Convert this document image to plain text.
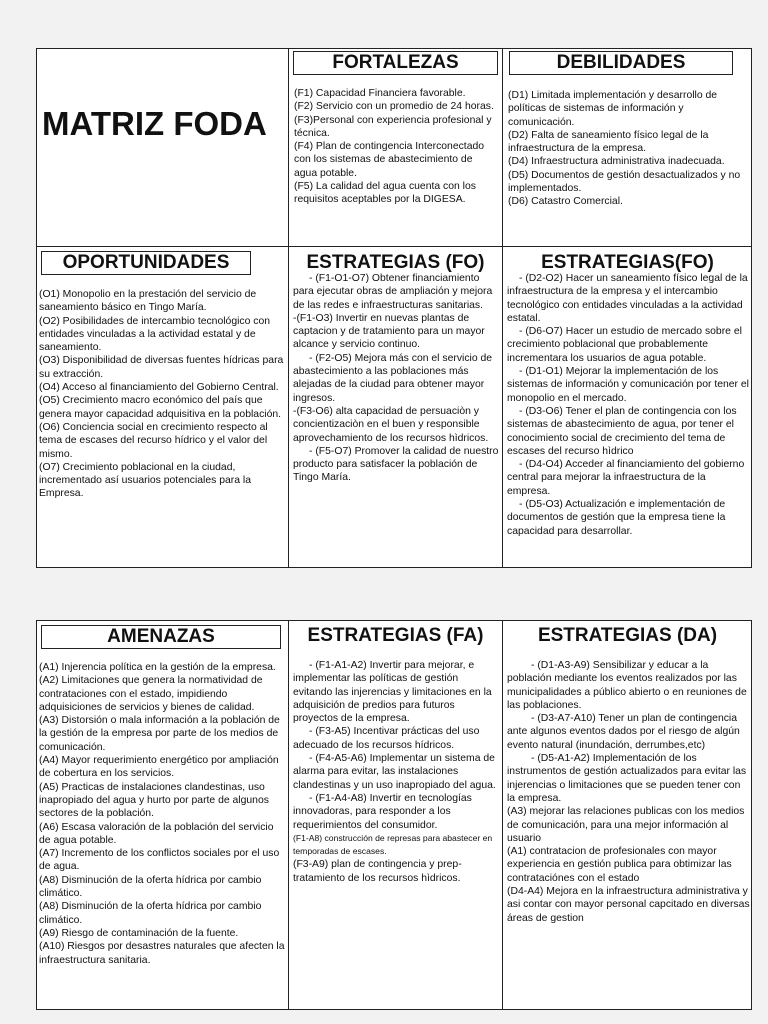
MATRIZ FODA
FORTALEZAS

(F1) Capacidad Financiera favorable.

(F2) Servicio con un promedio de 24 horas.

(F3)Personal con experiencia profesional y técnica.

(F4) Plan de contingencia Interconectado con los sistemas de abastecimiento de agua potable.

(F5) La calidad del agua cuenta con los requisitos aceptables por la DIGESA.

DEBILIDADES

(D1) Limitada implementación y desarrollo de políticas de sistemas de información y comunicación.

(D2) Falta de saneamiento físico legal de la infraestructura de la empresa.

(D4) Infraestructura administrativa inadecuada.

(D5) Documentos de gestión desactualizados y no implementados.

(D6) Catastro Comercial.

OPORTUNIDADES

(O1) Monopolio en la prestación del servicio de saneamiento básico en Tingo María.

(O2) Posibilidades de intercambio tecnológico con entidades vinculadas a la actividad estatal y de saneamiento.

(O3) Disponibilidad de diversas fuentes hídricas para su extracción.

(O4) Acceso al financiamiento del Gobierno Central.

(O5) Crecimiento macro económico del país que genera mayor capacidad adquisitiva en la población.

(O6) Conciencia social en crecimiento respecto al tema de escases del recurso hídrico y el valor del mismo.

(O7) Crecimiento poblacional en la ciudad, incrementado así usuarios potenciales para la Empresa.

ESTRATEGIAS (FO)

- (F1-O1-O7) Obtener financiamiento para ejecutar obras de ampliación y mejora de las redes e infraestructuras sanitarias.

-(F1-O3) Invertir en nuevas plantas de captacion y de tratamiento para un mayor alcance y servicio continuo.

- (F2-O5) Mejora más con el servicio de abastecimiento a las poblaciones más alejadas de la ciudad para obtener mayor ingresos.

-(F3-O6) alta capacidad de persuaciòn y concientizaciòn en el buen y responsible aprovechamiento de los recursos hìdricos.

- (F5-O7) Promover la calidad de nuestro producto para satisfacer la población de Tingo María.

ESTRATEGIAS(FO)

- (D2-O2) Hacer un saneamiento físico legal de la infraestructura de la empresa y el intercambio tecnológico con entidades vinculadas a la actividad estatal.

- (D6-O7) Hacer un estudio de mercado sobre el crecimiento poblacional que probablemente incrementara los usuarios de agua potable.

- (D1-O1) Mejorar la implementación de los sistemas de información y comunicación por tener el monopolio en el mercado.

- (D3-O6) Tener el plan de contingencia con los sistemas de abastecimiento de agua, por tener el conocimiento social de crecimiento del tema de escases del recurso hìdrico

- (D4-O4) Acceder al financiamiento del gobierno central para mejorar la infraestructura de la empresa.

- (D5-O3) Actualización e implementación de documentos de gestión que la empresa tiene la capacidad para desarrollar.

AMENAZAS

(A1) Injerencia política en la gestión de la empresa.

(A2) Limitaciones que genera la normatividad de contrataciones con el estado, impidiendo adquisiciones de servicios y bienes de calidad.

(A3) Distorsión o mala información a la población de la gestión de la empresa por parte de los medios de comunicación.

(A4) Mayor requerimiento energético por ampliación de cobertura en los servicios.

(A5) Practicas de instalaciones clandestinas, uso inapropiado del agua y hurto por parte de algunos sectores de la población.

(A6) Escasa valoración de la población del servicio de agua potable.

(A7) Incremento de los conflictos sociales por el uso de agua.

(A8) Disminución de la oferta hídrica por cambio climático.

(A8) Disminución de la oferta hídrica por cambio climático.

(A9) Riesgo de contaminación de la fuente.

(A10) Riesgos por desastres naturales que afecten la infraestructura sanitaria.

ESTRATEGIAS (FA)

- (F1-A1-A2) Invertir para mejorar, e implementar las políticas de gestión evitando las injerencias y limitaciones en la adquisición de predios para futuros proyectos de la empresa.

- (F3-A5) Incentivar prácticas del uso adecuado de los recursos hídricos.

- (F4-A5-A6) Implementar un sistema de alarma para evitar, las instalaciones clandestinas y un uso inapropiado del agua.

- (F1-A4-A8) Invertir en tecnologías innovadoras, para responder a los requerimientos del consumidor.

(F1-A8) construcción de represas para abastecer en temporadas de escases.

(F3-A9) plan de contingencia y prep-tratamiento de los recursos hìdricos.

ESTRATEGIAS (DA)

- (D1-A3-A9) Sensibilizar y educar a la población mediante los eventos realizados por las municipalidades a público abierto o en reuniones de las poblaciones.

- (D3-A7-A10) Tener un plan de contingencia ante algunos eventos dados por el riesgo de algún evento natural (inundación, derrumbes,etc)

- (D5-A1-A2) Implementación de los instrumentos de gestión actualizados para evitar las injerencias o limitaciones que se pueden tener con la empresa.

(A3) mejorar las relaciones publicas con los medios de comunicación, para una mejor información al usuario

(A1) contratacion de profesionales con mayor experiencia en gestión publica para obtimizar las contrataciónes con el estado

(D4-A4) Mejora en la infraestructura administrativa y asi contar con mayor personal capcitado en diversas áreas de gestion
